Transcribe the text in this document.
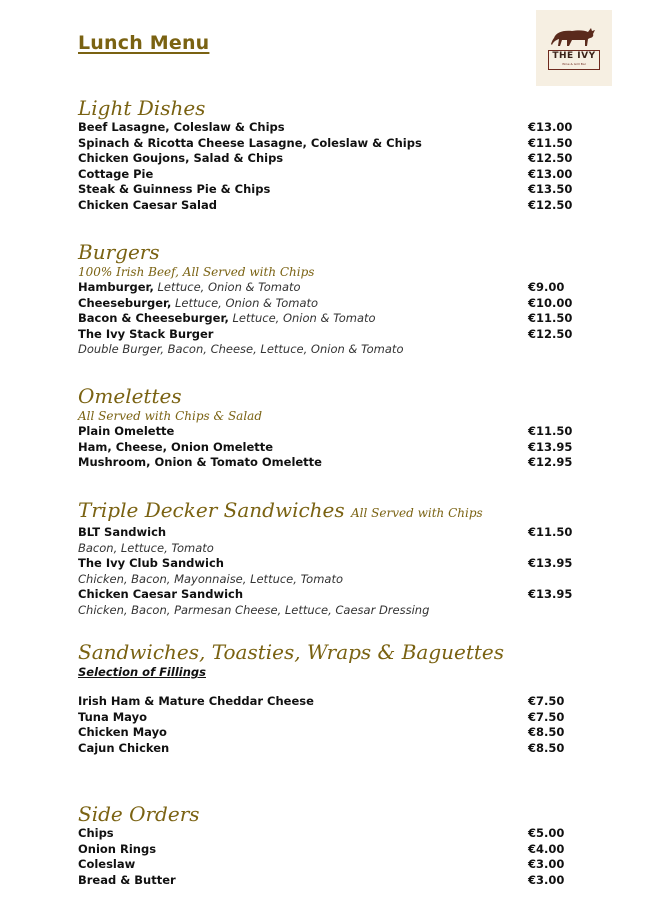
Lunch Menu
THE IVY
Wine & Grill Bar
Light Dishes
Beef Lasagne, Coleslaw & Chips	€13.00
Spinach & Ricotta Cheese Lasagne, Coleslaw & Chips	€11.50
Chicken Goujons, Salad & Chips	€12.50
Cottage Pie	€13.00
Steak & Guinness Pie & Chips	€13.50
Chicken Caesar Salad	€12.50
Burgers
100% Irish Beef, All Served with Chips
Hamburger, Lettuce, Onion & Tomato	€9.00
Cheeseburger, Lettuce, Onion & Tomato	€10.00
Bacon & Cheeseburger, Lettuce, Onion & Tomato	€11.50
The Ivy Stack Burger	€12.50
Double Burger, Bacon, Cheese, Lettuce, Onion & Tomato
Omelettes
All Served with Chips & Salad
Plain Omelette	€11.50
Ham, Cheese, Onion Omelette	€13.95
Mushroom, Onion & Tomato Omelette	€12.95
Triple Decker Sandwiches All Served with Chips
BLT Sandwich	€11.50
Bacon, Lettuce, Tomato
The Ivy Club Sandwich	€13.95
Chicken, Bacon, Mayonnaise, Lettuce, Tomato
Chicken Caesar Sandwich	€13.95
Chicken, Bacon, Parmesan Cheese, Lettuce, Caesar Dressing
Sandwiches, Toasties, Wraps & Baguettes
Selection of Fillings
Irish Ham & Mature Cheddar Cheese	€7.50
Tuna Mayo	€7.50
Chicken Mayo	€8.50
Cajun Chicken	€8.50
Side Orders
Chips	€5.00
Onion Rings	€4.00
Coleslaw	€3.00
Bread & Butter	€3.00
